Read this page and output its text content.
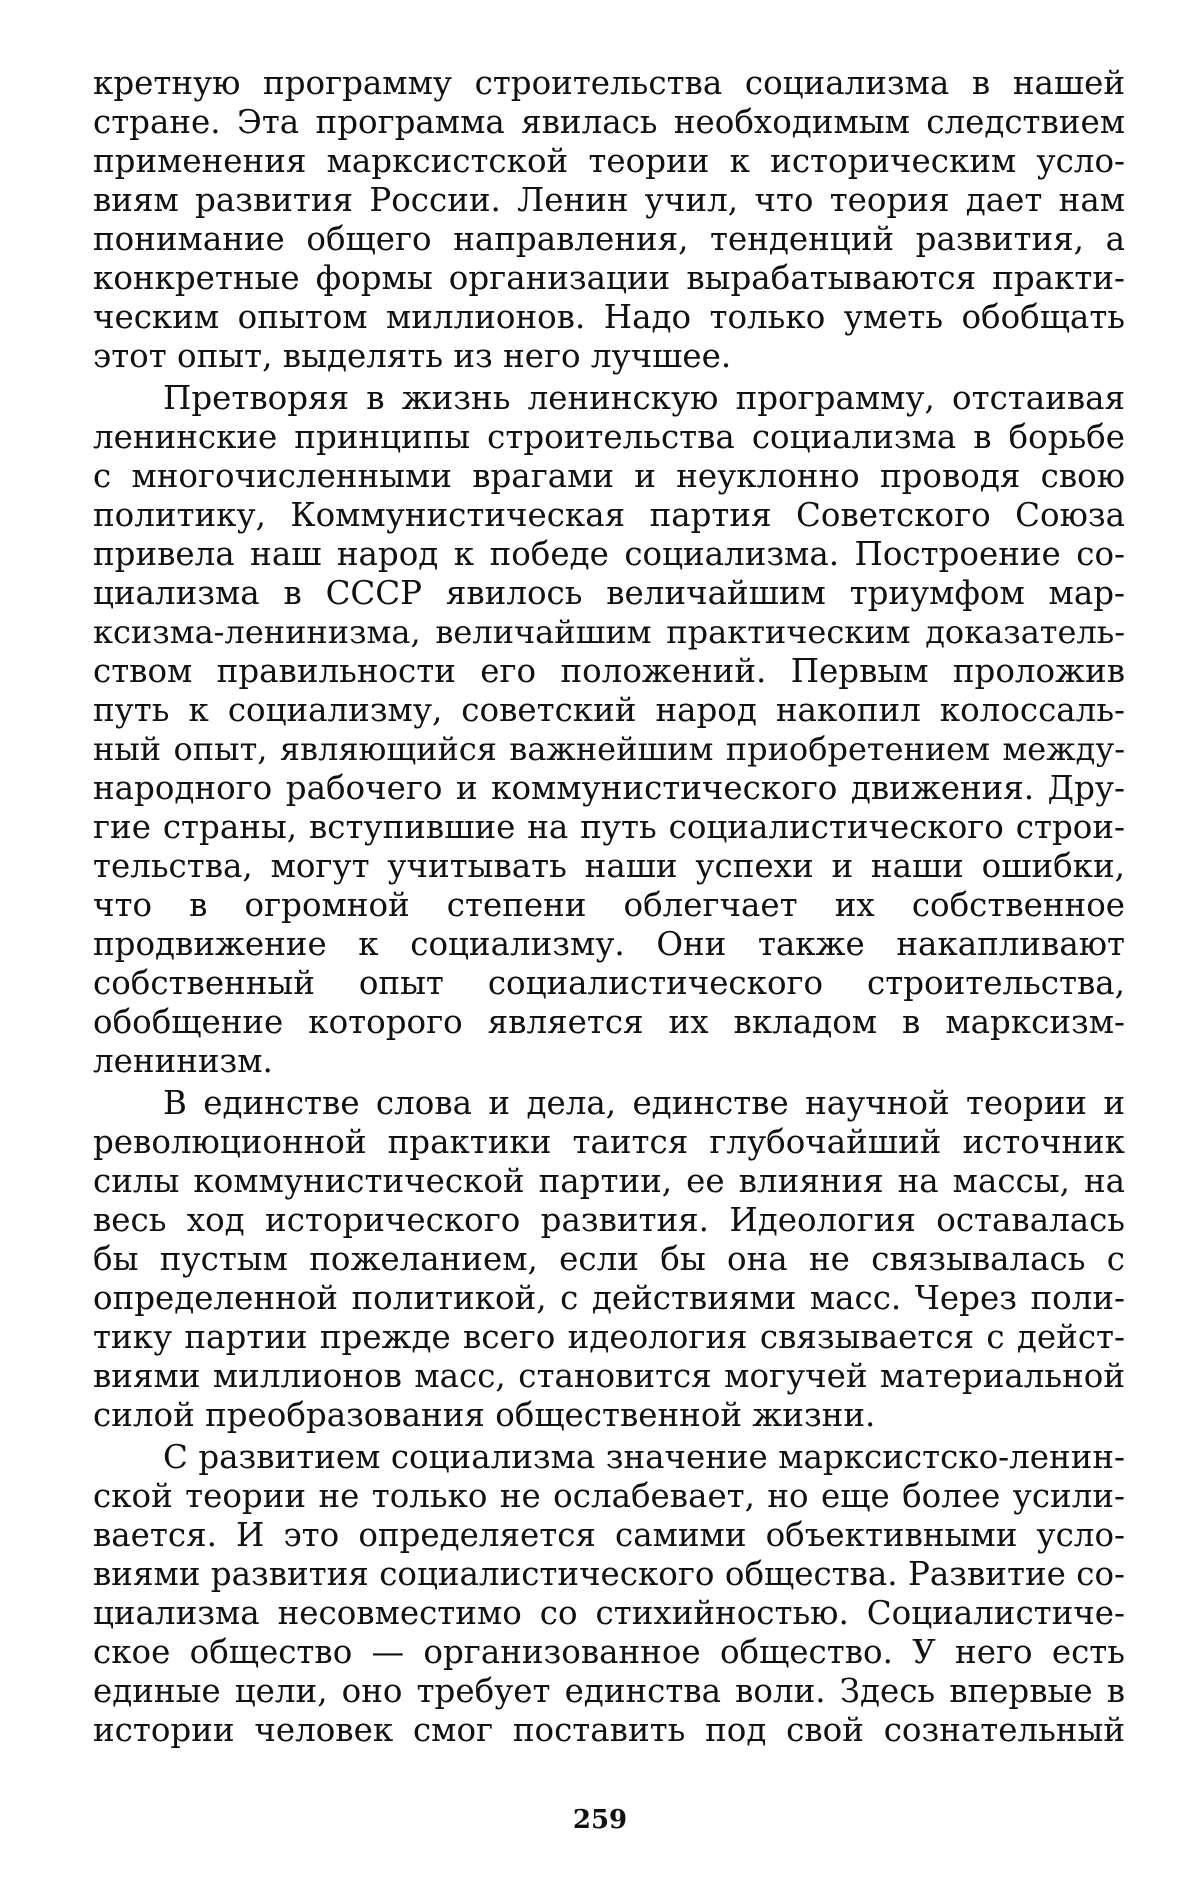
кретную программу строительства социализма в нашей

стране. Эта программа явилась необходимым следствием

применения марксистской теории к историческим усло-

виям развития России. Ленин учил, что теория дает нам

понимание общего направления, тенденций развития, а

конкретные формы организации вырабатываются практи-

ческим опытом миллионов. Надо только уметь обобщать

этот опыт, выделять из него лучшее.

Претворяя в жизнь ленинскую программу, отстаивая

ленинские принципы строительства социализма в борьбе

с многочисленными врагами и неуклонно проводя свою

политику, Коммунистическая партия Советского Союза

привела наш народ к победе социализма. Построение со-

циализма в СССР явилось величайшим триумфом мар-

ксизма-ленинизма, величайшим практическим доказатель-

ством правильности его положений. Первым проложив

путь к социализму, советский народ накопил колоссаль-

ный опыт, являющийся важнейшим приобретением между-

народного рабочего и коммунистического движения. Дру-

гие страны, вступившие на путь социалистического строи-

тельства, могут учитывать наши успехи и наши ошибки,

что в огромной степени облегчает их собственное

продвижение к социализму. Они также накапливают

собственный опыт социалистического строительства,

обобщение которого является их вкладом в марксизм-

ленинизм.

В единстве слова и дела, единстве научной теории и

революционной практики таится глубочайший источник

силы коммунистической партии, ее влияния на массы, на

весь ход исторического развития. Идеология оставалась

бы пустым пожеланием, если бы она не связывалась с

определенной политикой, с действиями масс. Через поли-

тику партии прежде всего идеология связывается с дейст-

виями миллионов масс, становится могучей материальной

силой преобразования общественной жизни.

С развитием социализма значение марксистско-ленин-

ской теории не только не ослабевает, но еще более усили-

вается. И это определяется самими объективными усло-

виями развития социалистического общества. Развитие со-

циализма несовместимо со стихийностью. Социалистиче-

ское общество — организованное общество. У него есть

единые цели, оно требует единства воли. Здесь впервые в

истории человек смог поставить под свой сознательный

259
